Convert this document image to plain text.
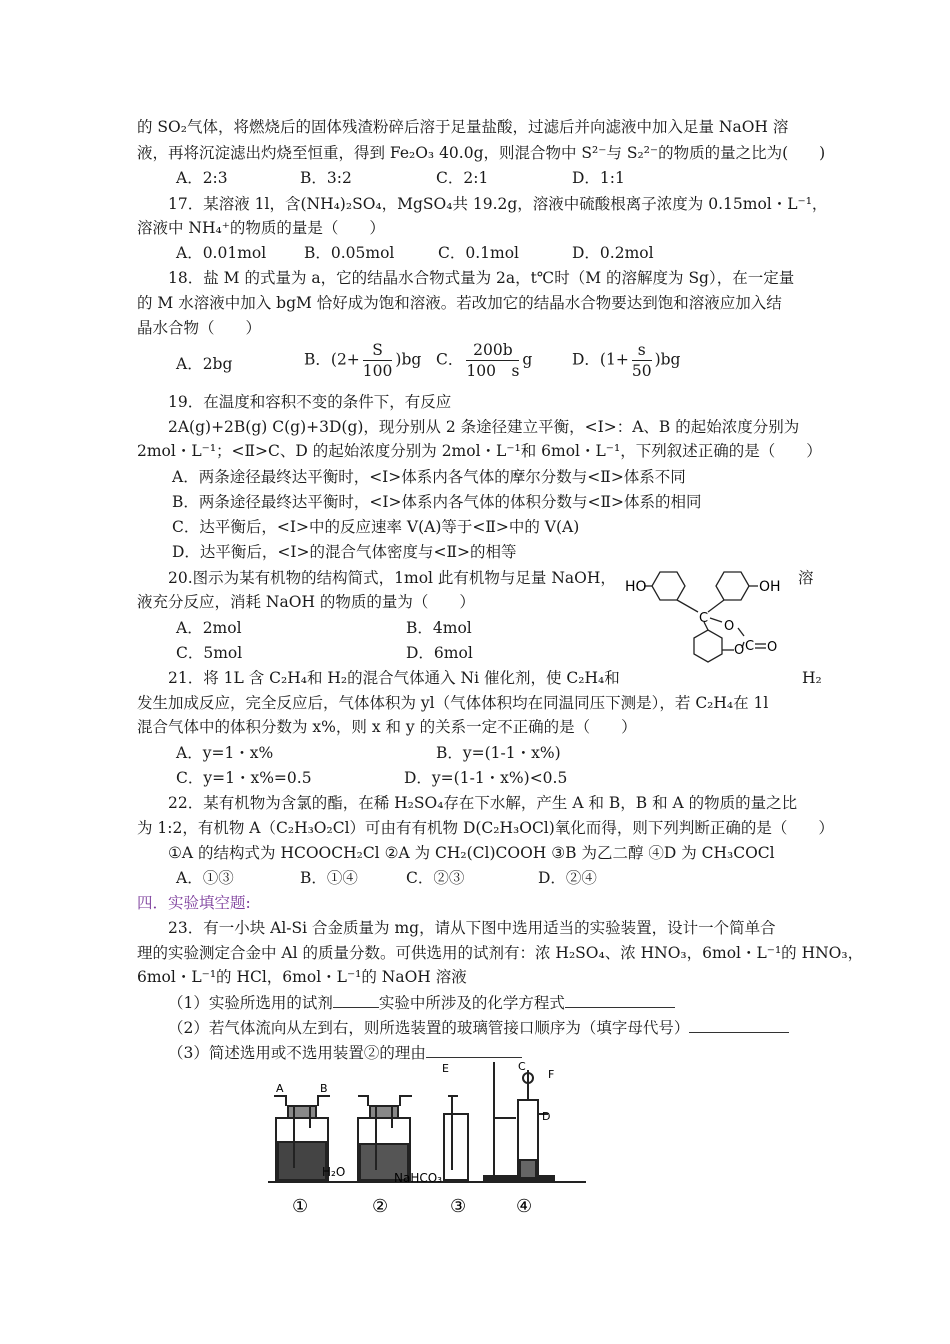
的 SO₂气体，将燃烧后的固体残渣粉碎后溶于足量盐酸，过滤后并向滤液中加入足量 NaOH 溶
液，再将沉淀滤出灼烧至恒重，得到 Fe₂O₃ 40.0g，则混合物中 S²⁻与 S₂²⁻的物质的量之比为(　　)
A．2:3	B．3:2	C．2:1	D．1:1
17．某溶液 1l，含(NH₄)₂SO₄，MgSO₄共 19.2g，溶液中硫酸根离子浓度为 0.15mol・L⁻¹，
溶液中 NH₄⁺的物质的量是（　　）
A．0.01mol B．0.05mol	C．0.1mol	D．0.2mol
18．盐 M 的式量为 a，它的结晶水合物式量为 2a，t℃时（M 的溶解度为 Sg），在一定量
的 M 水溶液中加入 bgM 恰好成为饱和溶液。若改加它的结晶水合物要达到饱和溶液应加入结
晶水合物（　　）
A．2bg	B．$(2+ \frac{S}{100} )bg$ C． $\frac{200b}{100 s}$ g	D．$(1+ \frac{s}{50} )bg$
19．在温度和容积不变的条件下，有反应
2A(g)+2B(g) C(g)+3D(g)，现分别从 2 条途径建立平衡，<Ⅰ>：A、B 的起始浓度分别为
2mol・L⁻¹；<Ⅱ>C、D 的起始浓度分别为 2mol・L⁻¹和 6mol・L⁻¹，下列叙述正确的是（　　）
A．两条途径最终达平衡时，<Ⅰ>体系内各气体的摩尔分数与<Ⅱ>体系不同
B．两条途径最终达平衡时，<Ⅰ>体系内各气体的体积分数与<Ⅱ>体系的相同
C．达平衡后，<Ⅰ>中的反应速率 V(A)等于<Ⅱ>中的 V(A)
D．达平衡后，<Ⅰ>的混合气体密度与<Ⅱ>的相等
20.图示为某有机物的结构简式，1mol 此有机物与足量 NaOH，	溶
液充分反应，消耗 NaOH 的物质的量为（　　）
A．2mol	B．4mol
C．5mol	D．6mol
HO	OH
C
O
O C O
21．将 1L 含 C₂H₄和 H₂的混合气体通入 Ni 催化剂，使 C₂H₄和	H₂
发生加成反应，完全反应后，气体体积为 yl（气体体积均在同温同压下测是），若 C₂H₄在 1l
混合气体中的体积分数为 x%，则 x 和 y 的关系一定不正确的是（　　）
A．y=1・x%	B．y=(1-1・x%)
C．y=1・x%=0.5	D．y=(1-1・x%)<0.5
22．某有机物为含氯的酯，在稀 H₂SO₄存在下水解，产生 A 和 B，B 和 A 的物质的量之比
为 1:2，有机物 A（C₂H₃O₂Cl）可由有有机物 D(C₂H₃OCl)氧化而得，则下列判断正确的是（　　）
①A 的结构式为 HCOOCH₂Cl ②A 为 CH₂(Cl)COOH ③B 为乙二醇 ④D 为 CH₃COCl
A．①③	B．①④	C．②③	D．②④
四．实验填空题:
23．有一小块 Al-Si 合金质量为 mg，请从下图中选用适当的实验装置，设计一个简单合
理的实验测定合金中 Al 的质量分数。可供选用的试剂有：浓 H₂SO₄、浓 HNO₃，6mol・L⁻¹的 HNO₃，
6mol・L⁻¹的 HCl，6mol・L⁻¹的 NaOH 溶液
（1）实验所选用的试剂	实验中所涉及的化学方程式
（2）若气体流向从左到右，则所选装置的玻璃管接口顺序为（填字母代号）
（3）简述选用或不选用装置②的理由
A	B
E	C
F
D
H₂O	NaHCO₃
①	②	③	④
